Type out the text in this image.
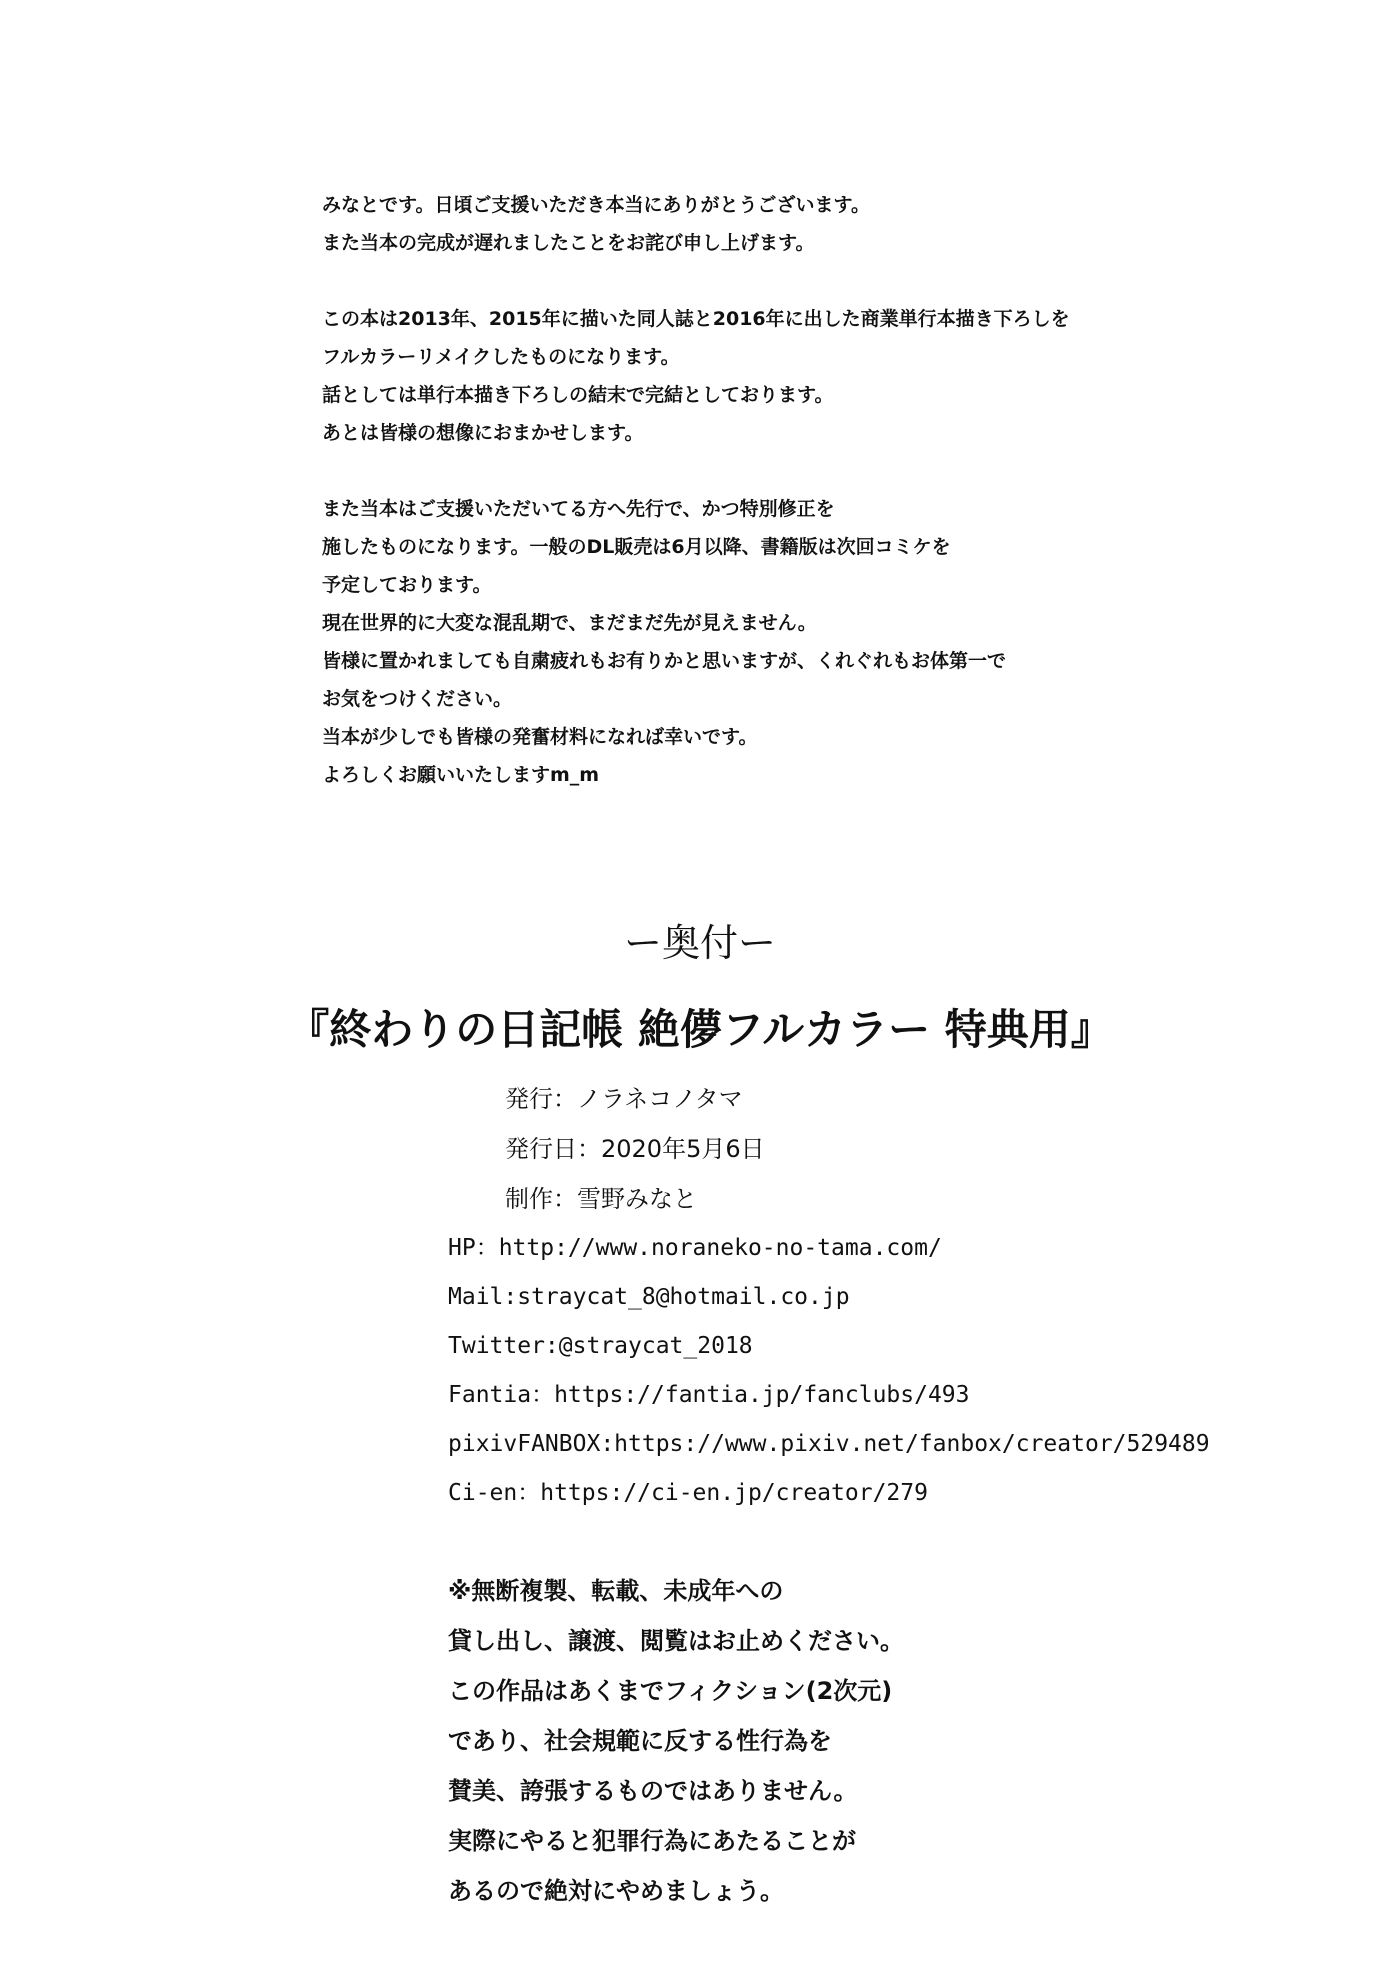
みなとです。日頃ご支援いただき本当にありがとうございます。
また当本の完成が遅れましたことをお詫び申し上げます。
この本は2013年、2015年に描いた同人誌と2016年に出した商業単行本描き下ろしを
フルカラーリメイクしたものになります。
話としては単行本描き下ろしの結末で完結としております。
あとは皆様の想像におまかせします。
また当本はご支援いただいてる方へ先行で、かつ特別修正を
施したものになります。一般のDL販売は6月以降、書籍版は次回コミケを
予定しております。
現在世界的に大変な混乱期で、まだまだ先が見えません。
皆様に置かれましても自粛疲れもお有りかと思いますが、くれぐれもお体第一で
お気をつけください。
当本が少しでも皆様の発奮材料になれば幸いです。
よろしくお願いいたしますm_m
ー奥付ー
『終わりの日記帳 絶儚フルカラー 特典用』
発行：ノラネコノタマ
発行日：2020年5月6日
制作：雪野みなと
HP：http://www.noraneko-no-tama.com/
Mail:straycat_8@hotmail.co.jp
Twitter:@straycat_2018
Fantia：https://fantia.jp/fanclubs/493
pixivFANBOX:https://www.pixiv.net/fanbox/creator/529489
Ci-en：https://ci-en.jp/creator/279
※無断複製、転載、未成年への
貸し出し、譲渡、閲覧はお止めください。
この作品はあくまでフィクション(2次元)
であり、社会規範に反する性行為を
賛美、誇張するものではありません。
実際にやると犯罪行為にあたることが
あるので絶対にやめましょう。
